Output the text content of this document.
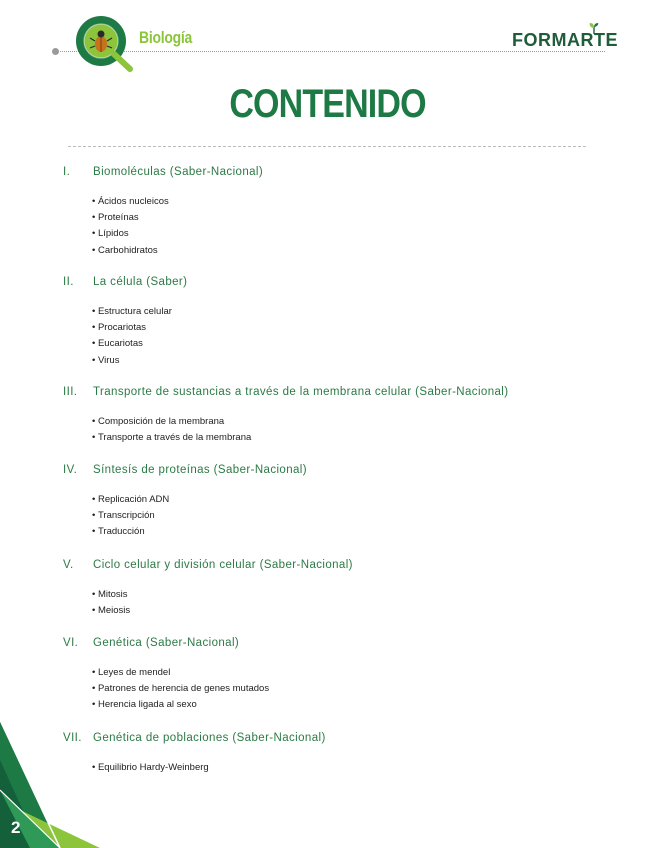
Biología	FORMARTE
CONTENIDO
I.	Biomoléculas (Saber-Nacional)
• Ácidos nucleicos
• Proteínas
• Lípidos
• Carbohidratos
II.	La célula (Saber)
• Estructura celular
• Procariotas
• Eucariotas
• Virus
III.	Transporte de sustancias a través de la membrana celular (Saber-Nacional)
• Composición de la membrana
• Transporte a través de la membrana
IV.	Síntesís de proteínas (Saber-Nacional)
• Replicación ADN
• Transcripción
• Traducción
V.	Ciclo celular y división celular (Saber-Nacional)
• Mitosis
• Meiosis
VI.	Genética (Saber-Nacional)
• Leyes de mendel
• Patrones de herencia de genes mutados
• Herencia ligada al sexo
VII. Genética de poblaciones (Saber-Nacional)
• Equilibrio Hardy-Weinberg
2
